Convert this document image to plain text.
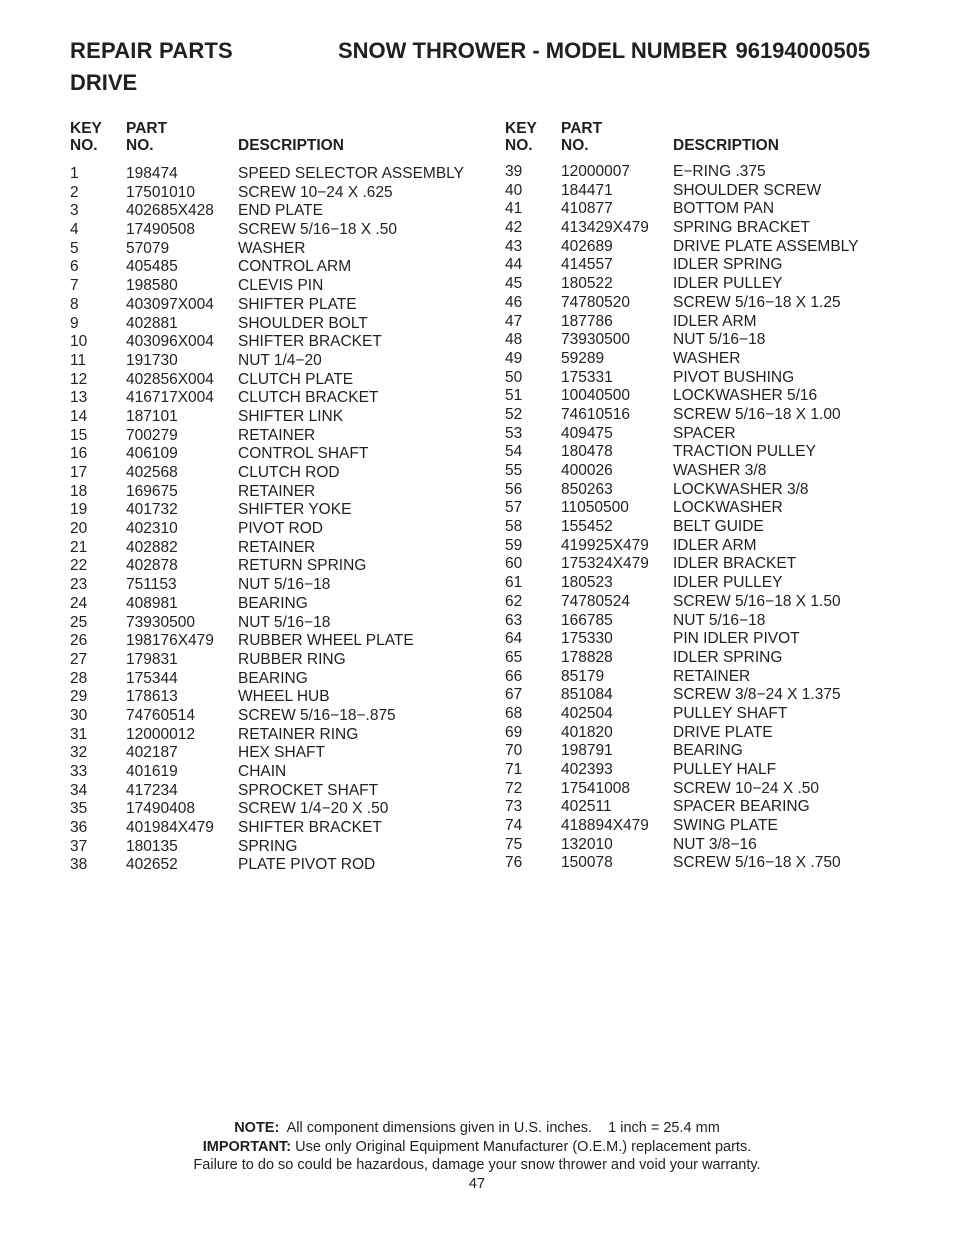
REPAIR PARTS	SNOW THROWER - MODEL NUMBER 96194000505
DRIVE
KEY
NO.
PART
NO.	DESCRIPTION
1	198474	SPEED SELECTOR ASSEMBLY
2	17501010	SCREW 10−24 X .625
3	402685X428 END PLATE
4	17490508	SCREW 5/16−18 X .50
5	57079	WASHER
6	405485	CONTROL ARM
7	198580	CLEVIS PIN
8	403097X004 SHIFTER PLATE
9	402881	SHOULDER BOLT
10	403096X004 SHIFTER BRACKET
11	191730	NUT 1/4−20
12	402856X004 CLUTCH PLATE
13	416717X004 CLUTCH BRACKET
14	187101	SHIFTER LINK
15	700279	RETAINER
16	406109	CONTROL SHAFT
17	402568	CLUTCH ROD
18	169675	RETAINER
19	401732	SHIFTER YOKE
20	402310	PIVOT ROD
21	402882	RETAINER
22	402878	RETURN SPRING
23	751153	NUT 5/16−18
24	408981	BEARING
25	73930500	NUT 5/16−18
26	198176X479 RUBBER WHEEL PLATE
27	179831	RUBBER RING
28	175344	BEARING
29	178613	WHEEL HUB
30	74760514	SCREW 5/16−18−.875
31	12000012	RETAINER RING
32	402187	HEX SHAFT
33	401619	CHAIN
34	417234	SPROCKET SHAFT
35	17490408	SCREW 1/4−20 X .50
36	401984X479 SHIFTER BRACKET
37	180135	SPRING
38	402652	PLATE PIVOT ROD
KEY
NO.
PART
NO.	DESCRIPTION
39	12000007	E−RING .375
40	184471	SHOULDER SCREW
41	410877	BOTTOM PAN
42	413429X479 SPRING BRACKET
43	402689	DRIVE PLATE ASSEMBLY
44	414557	IDLER SPRING
45	180522	IDLER PULLEY
46	74780520	SCREW 5/16−18 X 1.25
47	187786	IDLER ARM
48	73930500	NUT 5/16−18
49	59289	WASHER
50	175331	PIVOT BUSHING
51	10040500	LOCKWASHER 5/16
52	74610516	SCREW 5/16−18 X 1.00
53	409475	SPACER
54	180478	TRACTION PULLEY
55	400026	WASHER 3/8
56	850263	LOCKWASHER 3/8
57	11050500	LOCKWASHER
58	155452	BELT GUIDE
59	419925X479 IDLER ARM
60	175324X479 IDLER BRACKET
61	180523	IDLER PULLEY
62	74780524	SCREW 5/16−18 X 1.50
63	166785	NUT 5/16−18
64	175330	PIN IDLER PIVOT
65	178828	IDLER SPRING
66	85179	RETAINER
67	851084	SCREW 3/8−24 X 1.375
68	402504	PULLEY SHAFT
69	401820	DRIVE PLATE
70	198791	BEARING
71	402393	PULLEY HALF
72	17541008	SCREW 10−24 X .50
73	402511	SPACER BEARING
74	418894X479 SWING PLATE
75	132010	NUT 3/8−16
76	150078	SCREW 5/16−18 X .750
NOTE: All component dimensions given in U.S. inches.    1 inch = 25.4 mm
IMPORTANT: Use only Original Equipment Manufacturer (O.E.M.) replacement parts.
Failure to do so could be hazardous, damage your snow thrower and void your warranty.
47
